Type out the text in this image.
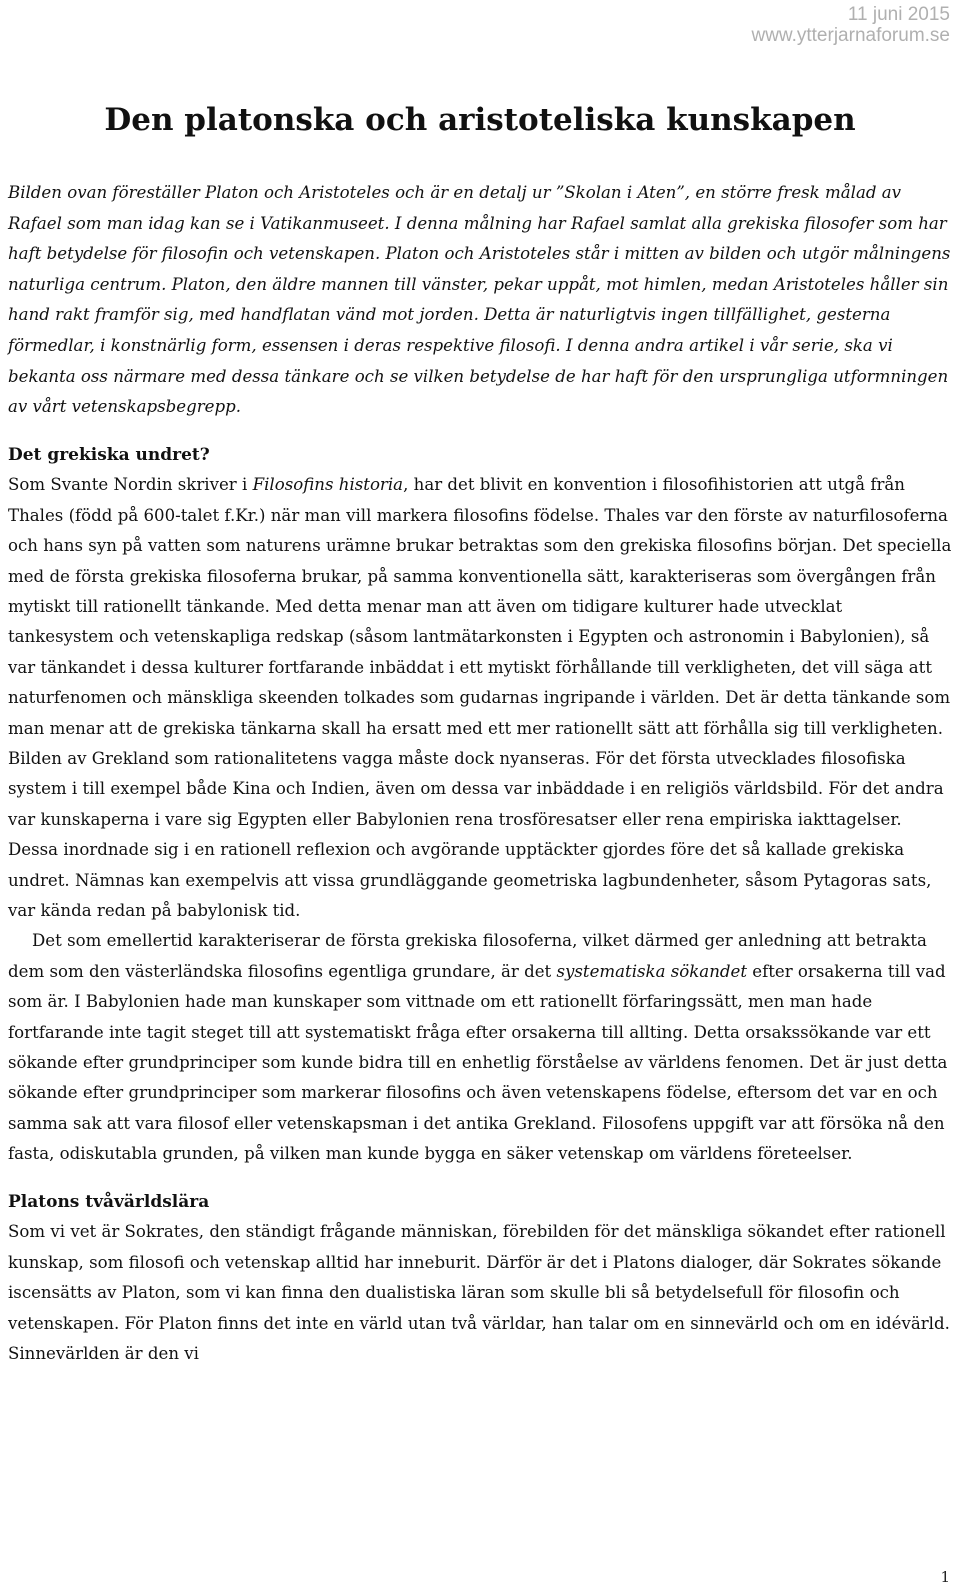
11 juni 2015
www.ytterjarnaforum.se
Den platonska och aristoteliska kunskapen

Bilden ovan föreställer Platon och Aristoteles och är en detalj ur ”Skolan i Aten”, en större fresk målad av Rafael som man idag kan se i Vatikanmuseet. I denna målning har Rafael samlat alla grekiska filosofer som har haft betydelse för filosofin och vetenskapen. Platon och Aristoteles står i mitten av bilden och utgör målningens naturliga centrum. Platon, den äldre mannen till vänster, pekar uppåt, mot himlen, medan Aristoteles håller sin hand rakt framför sig, med handflatan vänd mot jorden. Detta är naturligtvis ingen tillfällighet, gesterna förmedlar, i konstnärlig form, essensen i deras respektive filosofi. I denna andra artikel i vår serie, ska vi bekanta oss närmare med dessa tänkare och se vilken betydelse de har haft för den ursprungliga utformningen av vårt vetenskapsbegrepp.

Det grekiska undret?

Som Svante Nordin skriver i Filosofins historia, har det blivit en konvention i filosofihistorien att utgå från Thales (född på 600-talet f.Kr.) när man vill markera filosofins födelse. Thales var den förste av naturfilosoferna och hans syn på vatten som naturens urämne brukar betraktas som den grekiska filosofins början. Det speciella med de första grekiska filosoferna brukar, på samma konventionella sätt, karakteriseras som övergången från mytiskt till rationellt tänkande. Med detta menar man att även om tidigare kulturer hade utvecklat tankesystem och vetenskapliga redskap (såsom lantmätarkonsten i Egypten och astronomin i Babylonien), så var tänkandet i dessa kulturer fortfarande inbäddat i ett mytiskt förhållande till verkligheten, det vill säga att naturfenomen och mänskliga skeenden tolkades som gudarnas ingripande i världen. Det är detta tänkande som man menar att de grekiska tänkarna skall ha ersatt med ett mer rationellt sätt att förhålla sig till verkligheten. Bilden av Grekland som rationalitetens vagga måste dock nyanseras. För det första utvecklades filosofiska system i till exempel både Kina och Indien, även om dessa var inbäddade i en religiös världsbild. För det andra var kunskaperna i vare sig Egypten eller Babylonien rena trosföresatser eller rena empiriska iakttagelser. Dessa inordnade sig i en rationell reflexion och avgörande upptäckter gjordes före det så kallade grekiska undret. Nämnas kan exempelvis att vissa grundläggande geometriska lagbundenheter, såsom Pytagoras sats, var kända redan på babylonisk tid.

Det som emellertid karakteriserar de första grekiska filosoferna, vilket därmed ger anledning att betrakta dem som den västerländska filosofins egentliga grundare, är det systematiska sökandet efter orsakerna till vad som är. I Babylonien hade man kunskaper som vittnade om ett rationellt förfaringssätt, men man hade fortfarande inte tagit steget till att systematiskt fråga efter orsakerna till allting. Detta orsakssökande var ett sökande efter grundprinciper som kunde bidra till en enhetlig förståelse av världens fenomen. Det är just detta sökande efter grundprinciper som markerar filosofins och även vetenskapens födelse, eftersom det var en och samma sak att vara filosof eller vetenskapsman i det antika Grekland. Filosofens uppgift var att försöka nå den fasta, odiskutabla grunden, på vilken man kunde bygga en säker vetenskap om världens företeelser.

Platons tvåvärldslära

Som vi vet är Sokrates, den ständigt frågande människan, förebilden för det mänskliga sökandet efter rationell kunskap, som filosofi och vetenskap alltid har inneburit. Därför är det i Platons dialoger, där Sokrates sökande iscensätts av Platon, som vi kan finna den dualistiska läran som skulle bli så betydelsefull för filosofin och vetenskapen. För Platon finns det inte en värld utan två världar, han talar om en sinnevärld och om en idévärld. Sinnevärlden är den vi

1
